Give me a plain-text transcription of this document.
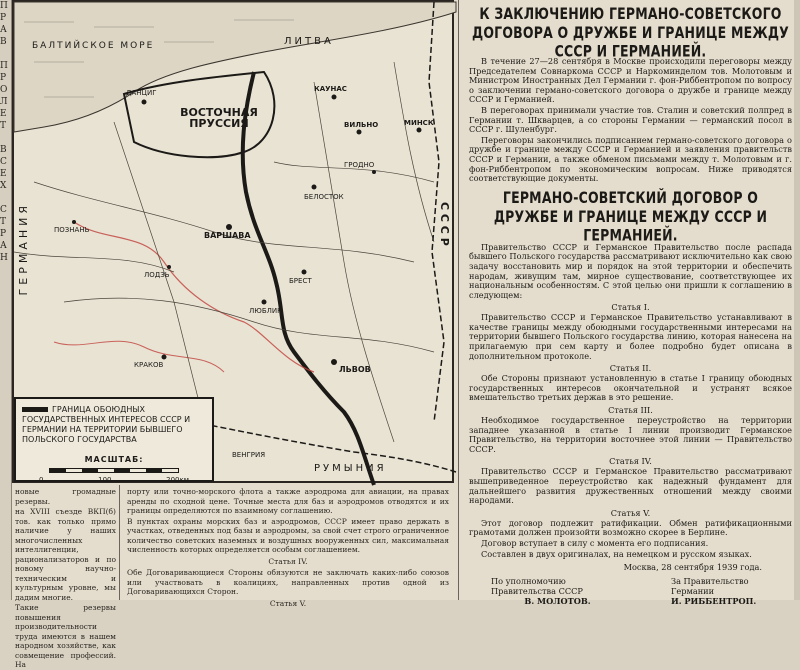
П
Р
А
В

П
Р
О
Л
Е
Т

В
С
Е
Х

С
Т
Р
А
Н
БАЛТИЙСКОЕ МОРЕ	ЛИТВА
ВОСТОЧНАЯ ПРУССИЯ
ДАНЦИГ	КАУНАС
ВИЛЬНО	МИНСК
ВАРШАВА
БЕЛОСТОК
БРЕСТ
ЛЮБЛИН
ЛЬВОВ
КРАКОВ
ГРОДНО
ЛОДЗЬ
ПОЗНАНЬ
ГЕРМАНИЯ
РУМЫНИЯ
ВЕНГРИЯ
С С С Р
ГРАНИЦА ОБОЮДНЫХ ГОСУДАРСТВЕННЫХ ИНТЕРЕСОВ СССР И ГЕРМАНИИ НА ТЕРРИТОРИИ БЫВШЕГО ПОЛЬСКОГО ГОСУДАРСТВА
МАСШТАБ:
0	100	200км

новые громадные резервы.

на XVIII съезде ВКП(б) тов. как только прямо наличие у наших многочисленных интеллигенции, рационализаторов и по новому научно-техническим и культурным уровне, мы дадим многие.

Такие резервы повышения производительности труда имеются в нашем народном хозяйстве, как совмещение профессий. На

порту или точно-морского флота а также аэродрома для авиации, на правах аренды по сходной цене. Точные места для баз и аэродромов отводятся и их границы определяются по взаимному соглашению.

В пунктах охраны морских баз и аэродромов, СССР имеет право держать в участках, отведенных под базы и аэродромы, за свой счет строго ограниченное количество советских наземных и воздушных вооруженных сил, максимальная численность которых определяется особым соглашением.

Статья IV.

Обе Договаривающиеся Стороны обязуются не заключать каких-либо союзов или участвовать в коалициях, направленных против одной из Договаривающихся Сторон.

Статья V.
К ЗАКЛЮЧЕНИЮ ГЕРМАНО-СОВЕТСКОГО ДОГОВОРА О ДРУЖБЕ И ГРАНИЦЕ МЕЖДУ СССР И ГЕРМАНИЕЙ.

В течение 27—28 сентября в Москве происходили переговоры между Председателем Совнаркома СССР и Наркоминделом тов. Молотовым и Министром Иностранных Дел Германии г. фон-Риббентропом по вопросу о заключении германо-советского договора о дружбе и границе между СССР и Германией.

В переговорах принимали участие тов. Сталин и советский полпред в Германии т. Шкварцев, а со стороны Германии — германский посол в СССР г. Шуленбург.

Переговоры закончились подписанием германо-советского договора о дружбе и границе между СССР и Германией и заявления правительств СССР и Германии, а также обменом письмами между т. Молотовым и г. фон-Риббентропом по экономическим вопросам. Ниже приводятся соответствующие документы.

ГЕРМАНО-СОВЕТСКИЙ ДОГОВОР О ДРУЖБЕ И ГРАНИЦЕ МЕЖДУ СССР И ГЕРМАНИЕЙ.

Правительство СССР и Германское Правительство после распада бывшего Польского государства рассматривают исключительно как свою задачу восстановить мир и порядок на этой территории и обеспечить народам, живущим там, мирное существование, соответствующее их национальным особенностям. С этой целью они пришли к соглашению в следующем:

Статья I.

Правительство СССР и Германское Правительство устанавливают в качестве границы между обоюдными государственными интересами на территории бывшего Польского государства линию, которая нанесена на прилагаемую при сем карту и более подробно будет описана в дополнительном протоколе.

Статья II.

Обе Стороны признают установленную в статье I границу обоюдных государственных интересов окончательной и устранят всякое вмешательство третьих держав в это решение.

Статья III.

Необходимое государственное переустройство на территории западнее указанной в статье I линии производит Германское Правительство, на территории восточнее этой линии — Правительство СССР.

Статья IV.

Правительство СССР и Германское Правительство рассматривают вышеприведенное переустройство как надежный фундамент для дальнейшего развития дружественных отношений между своими народами.

Статья V.

Этот договор подлежит ратификации. Обмен ратификационными грамотами должен произойти возможно скорее в Берлине.

Договор вступает в силу с момента его подписания.

Составлен в двух оригиналах, на немецком и русском языках.

Москва, 28 сентября 1939 года.
По уполномочию
Правительства СССР
В. МОЛОТОВ.
За Правительство
Германии
И. РИББЕНТРОП.
